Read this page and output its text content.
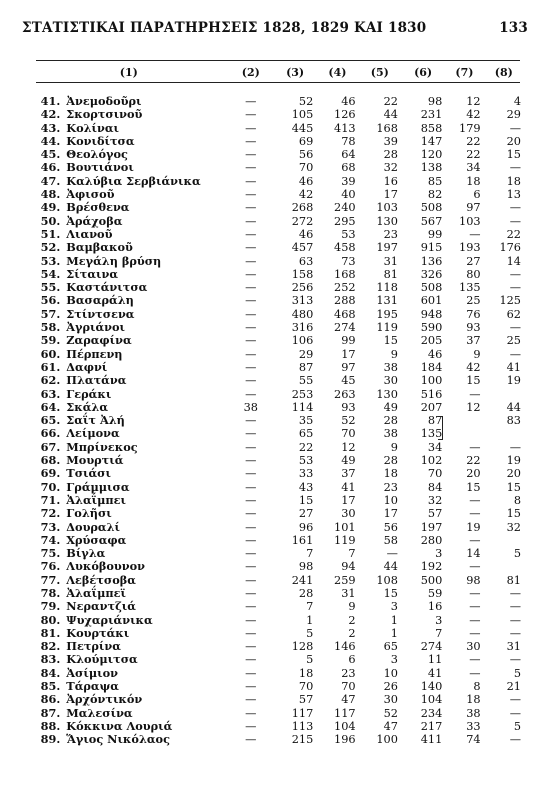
ΣΤΑΤΙΣΤΙΚΑΙ ΠΑΡΑΤΗΡΗΣΕΙΣ 1828, 1829 ΚΑΙ 1830	133
(1)		(2)	(3)	(4)	(5)	(6)	(7)	(8)

41.	Ἀνεμοδοῦρι	—	52	46	22	98	12	4
42.	Σκορτσινοῦ	—	105	126	44	231	42	29
43.	Κολίναι	—	445	413	168	858	179	—
44.	Κονιδίτσα	—	69	78	39	147	22	20
45.	Θεολόγος	—	56	64	28	120	22	15
46.	Βουτιάνοι	—	70	68	32	138	34	—
47.	Καλύβια Σερβιάνικα	—	46	39	16	85	18	18
48.	Ἀφισοῦ	—	42	40	17	82	6	13
49.	Βρέσθενα	—	268	240	103	508	97	—
50.	Ἀράχοβα	—	272	295	130	567	103	—
51.	Λιανοῦ	—	46	53	23	99	—	22
52.	Βαμβακοῦ	—	457	458	197	915	193	176
53.	Μεγάλη βρύση	—	63	73	31	136	27	14
54.	Σίταινα	—	158	168	81	326	80	—
55.	Καστάνιτσα	—	256	252	118	508	135	—
56.	Βασαράλη	—	313	288	131	601	25	125
57.	Στίντσενα	—	480	468	195	948	76	62
58.	Ἀγριάνοι	—	316	274	119	590	93	—
59.	Ζαραφίνα	—	106	99	15	205	37	25
60.	Πέρπενη	—	29	17	9	46	9	—
61.	Δαφνί	—	87	97	38	184	42	41
62.	Πλατάνα	—	55	45	30	100	15	19
63.	Γεράκι	—	253	263	130	516	—	
64.	Σκάλα	38	114	93	49	207	12	44
65.	Σαΐτ Ἀλή	—	35	52	28	87		83
66.	Λείμονα	—	65	70	38	135		
67.	Μπρίνεκος	—	22	12	9	34	—	—
68.	Μουρτιά	—	53	49	28	102	22	19
69.	Τσιάσι	—	33	37	18	70	20	20
70.	Γράμμισα	—	43	41	23	84	15	15
71.	Ἀλαΐμπει	—	15	17	10	32	—	8
72.	Γολῆσι	—	27	30	17	57	—	15
73.	Δουραλί	—	96	101	56	197	19	32
74.	Χρύσαφα	—	161	119	58	280	—	
75.	Βίγλα	—	7	7	—	3	14	5
76.	Λυκόβουνον	—	98	94	44	192	—	
77.	Λεβέτσοβα	—	241	259	108	500	98	81
78.	Ἀλαΐμπεϊ	—	28	31	15	59	—	—
79.	Νεραντζιά	—	7	9	3	16	—	—
80.	Ψυχαριάνικα	—	1	2	1	3	—	—
81.	Κουρτάκι	—	5	2	1	7	—	—
82.	Πετρίνα	—	128	146	65	274	30	31
83.	Κλούμιτσα	—	5	6	3	11	—	—
84.	Ἀσίμιον	—	18	23	10	41	—	5
85.	Τάραψα	—	70	70	26	140	8	21
86.	Ἀρχόντικόν	—	57	47	30	104	18	—
87.	Μαλεσίνα	—	117	117	52	234	38	—
88.	Κόκκινα Λουριά	—	113	104	47	217	33	5
89.	Ἅγιος Νικόλαος	—	215	196	100	411	74	—
